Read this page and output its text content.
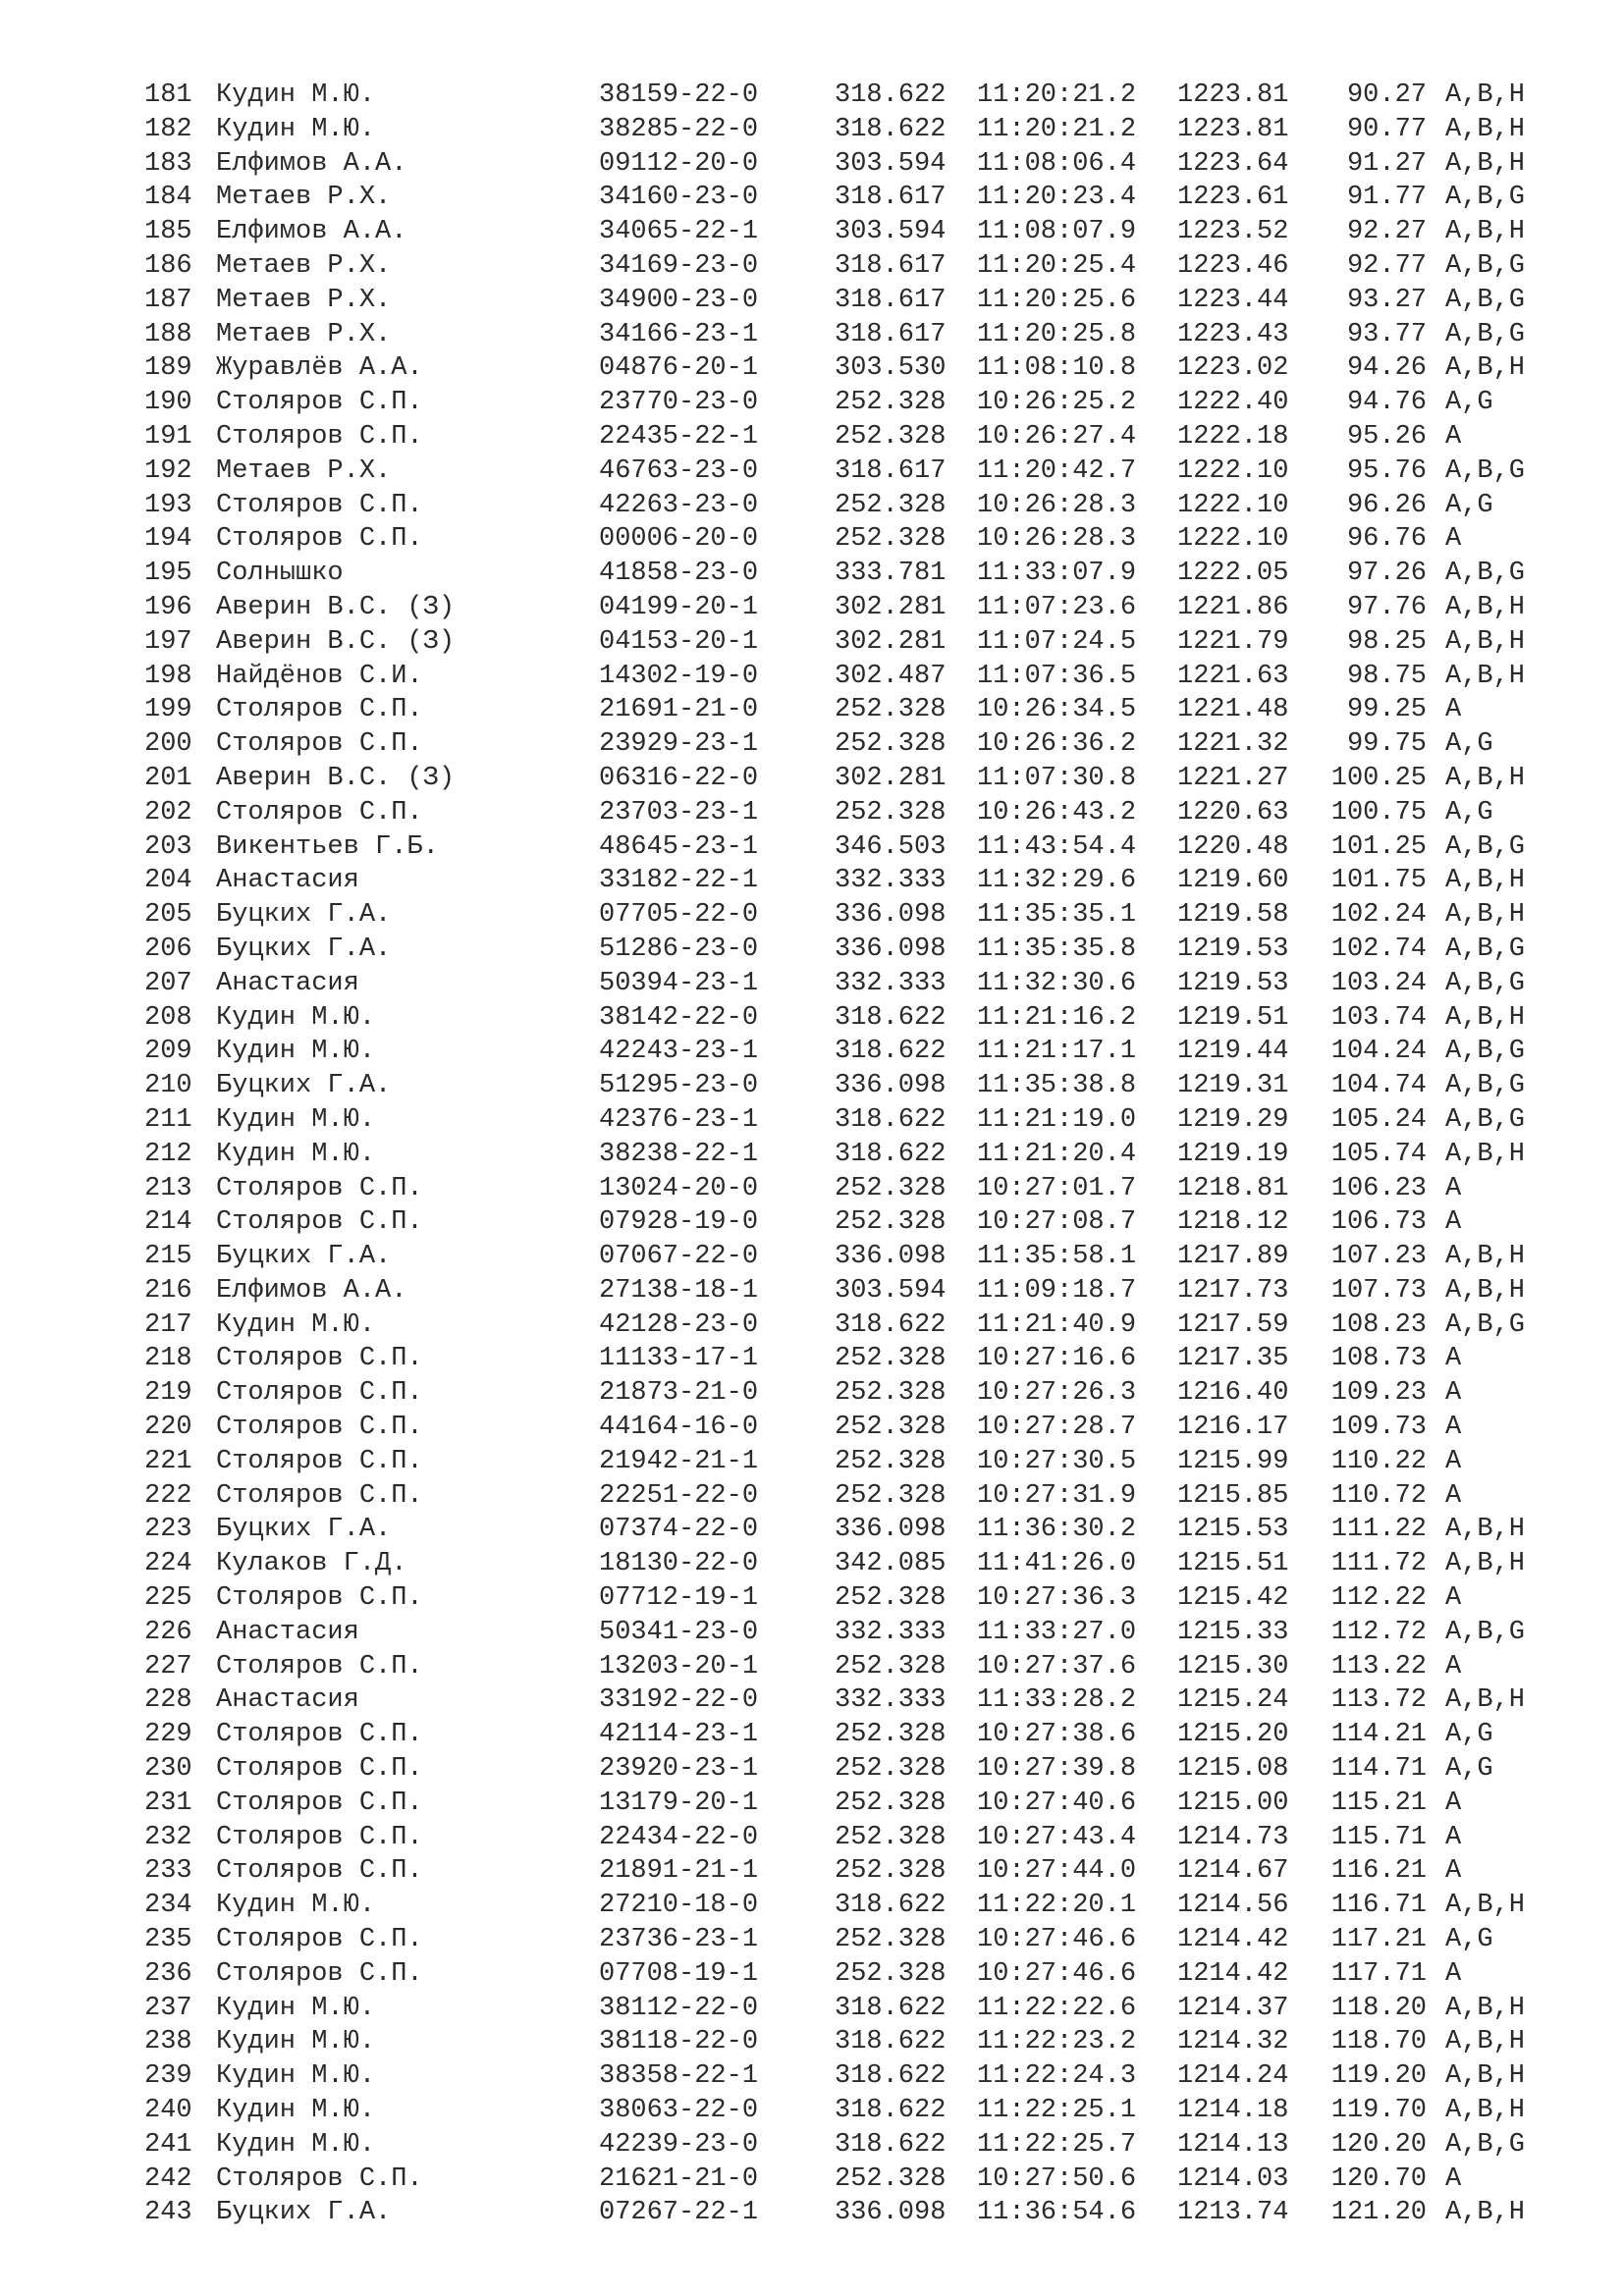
181 Кудин М.Ю.	38159-22-0	318.622 11:20:21.2 1223.81	90.27 A,B,H
182 Кудин М.Ю.	38285-22-0	318.622 11:20:21.2 1223.81	90.77 A,B,H
183 Елфимов А.А.	09112-20-0	303.594 11:08:06.4 1223.64	91.27 A,B,H
184 Метаев Р.Х.	34160-23-0	318.617 11:20:23.4 1223.61	91.77 A,B,G
185 Елфимов А.А.	34065-22-1	303.594 11:08:07.9 1223.52	92.27 A,B,H
186 Метаев Р.Х.	34169-23-0	318.617 11:20:25.4 1223.46	92.77 A,B,G
187 Метаев Р.Х.	34900-23-0	318.617 11:20:25.6 1223.44	93.27 A,B,G
188 Метаев Р.Х.	34166-23-1	318.617 11:20:25.8 1223.43	93.77 A,B,G
189 Журавлёв А.А.	04876-20-1	303.530 11:08:10.8 1223.02	94.26 A,B,H
190 Столяров С.П.	23770-23-0	252.328 10:26:25.2 1222.40	94.76 A,G
191 Столяров С.П.	22435-22-1	252.328 10:26:27.4 1222.18	95.26 A
192 Метаев Р.Х.	46763-23-0	318.617 11:20:42.7 1222.10	95.76 A,B,G
193 Столяров С.П.	42263-23-0	252.328 10:26:28.3 1222.10	96.26 A,G
194 Столяров С.П.	00006-20-0	252.328 10:26:28.3 1222.10	96.76 A
195 Солнышко	41858-23-0	333.781 11:33:07.9 1222.05	97.26 A,B,G
196 Аверин В.С. (З)	04199-20-1	302.281 11:07:23.6 1221.86	97.76 A,B,H
197 Аверин В.С. (З)	04153-20-1	302.281 11:07:24.5 1221.79	98.25 A,B,H
198 Найдёнов С.И.	14302-19-0	302.487 11:07:36.5 1221.63	98.75 A,B,H
199 Столяров С.П.	21691-21-0	252.328 10:26:34.5 1221.48	99.25 A
200 Столяров С.П.	23929-23-1	252.328 10:26:36.2 1221.32	99.75 A,G
201 Аверин В.С. (З)	06316-22-0	302.281 11:07:30.8 1221.27	100.25 A,B,H
202 Столяров С.П.	23703-23-1	252.328 10:26:43.2 1220.63	100.75 A,G
203 Викентьев Г.Б.	48645-23-1	346.503 11:43:54.4 1220.48	101.25 A,B,G
204 Анастасия	33182-22-1	332.333 11:32:29.6 1219.60	101.75 A,B,H
205 Буцких Г.А.	07705-22-0	336.098 11:35:35.1 1219.58	102.24 A,B,H
206 Буцких Г.А.	51286-23-0	336.098 11:35:35.8 1219.53	102.74 A,B,G
207 Анастасия	50394-23-1	332.333 11:32:30.6 1219.53	103.24 A,B,G
208 Кудин М.Ю.	38142-22-0	318.622 11:21:16.2 1219.51	103.74 A,B,H
209 Кудин М.Ю.	42243-23-1	318.622 11:21:17.1 1219.44	104.24 A,B,G
210 Буцких Г.А.	51295-23-0	336.098 11:35:38.8 1219.31	104.74 A,B,G
211 Кудин М.Ю.	42376-23-1	318.622 11:21:19.0 1219.29	105.24 A,B,G
212 Кудин М.Ю.	38238-22-1	318.622 11:21:20.4 1219.19	105.74 A,B,H
213 Столяров С.П.	13024-20-0	252.328 10:27:01.7 1218.81	106.23 A
214 Столяров С.П.	07928-19-0	252.328 10:27:08.7 1218.12	106.73 A
215 Буцких Г.А.	07067-22-0	336.098 11:35:58.1 1217.89	107.23 A,B,H
216 Елфимов А.А.	27138-18-1	303.594 11:09:18.7 1217.73	107.73 A,B,H
217 Кудин М.Ю.	42128-23-0	318.622 11:21:40.9 1217.59	108.23 A,B,G
218 Столяров С.П.	11133-17-1	252.328 10:27:16.6 1217.35	108.73 A
219 Столяров С.П.	21873-21-0	252.328 10:27:26.3 1216.40	109.23 A
220 Столяров С.П.	44164-16-0	252.328 10:27:28.7 1216.17	109.73 A
221 Столяров С.П.	21942-21-1	252.328 10:27:30.5 1215.99	110.22 A
222 Столяров С.П.	22251-22-0	252.328 10:27:31.9 1215.85	110.72 A
223 Буцких Г.А.	07374-22-0	336.098 11:36:30.2 1215.53	111.22 A,B,H
224 Кулаков Г.Д.	18130-22-0	342.085 11:41:26.0 1215.51	111.72 A,B,H
225 Столяров С.П.	07712-19-1	252.328 10:27:36.3 1215.42	112.22 A
226 Анастасия	50341-23-0	332.333 11:33:27.0 1215.33	112.72 A,B,G
227 Столяров С.П.	13203-20-1	252.328 10:27:37.6 1215.30	113.22 A
228 Анастасия	33192-22-0	332.333 11:33:28.2 1215.24	113.72 A,B,H
229 Столяров С.П.	42114-23-1	252.328 10:27:38.6 1215.20	114.21 A,G
230 Столяров С.П.	23920-23-1	252.328 10:27:39.8 1215.08	114.71 A,G
231 Столяров С.П.	13179-20-1	252.328 10:27:40.6 1215.00	115.21 A
232 Столяров С.П.	22434-22-0	252.328 10:27:43.4 1214.73	115.71 A
233 Столяров С.П.	21891-21-1	252.328 10:27:44.0 1214.67	116.21 A
234 Кудин М.Ю.	27210-18-0	318.622 11:22:20.1 1214.56	116.71 A,B,H
235 Столяров С.П.	23736-23-1	252.328 10:27:46.6 1214.42	117.21 A,G
236 Столяров С.П.	07708-19-1	252.328 10:27:46.6 1214.42	117.71 A
237 Кудин М.Ю.	38112-22-0	318.622 11:22:22.6 1214.37	118.20 A,B,H
238 Кудин М.Ю.	38118-22-0	318.622 11:22:23.2 1214.32	118.70 A,B,H
239 Кудин М.Ю.	38358-22-1	318.622 11:22:24.3 1214.24	119.20 A,B,H
240 Кудин М.Ю.	38063-22-0	318.622 11:22:25.1 1214.18	119.70 A,B,H
241 Кудин М.Ю.	42239-23-0	318.622 11:22:25.7 1214.13	120.20 A,B,G
242 Столяров С.П.	21621-21-0	252.328 10:27:50.6 1214.03	120.70 A
243 Буцких Г.А.	07267-22-1	336.098 11:36:54.6 1213.74	121.20 A,B,H
